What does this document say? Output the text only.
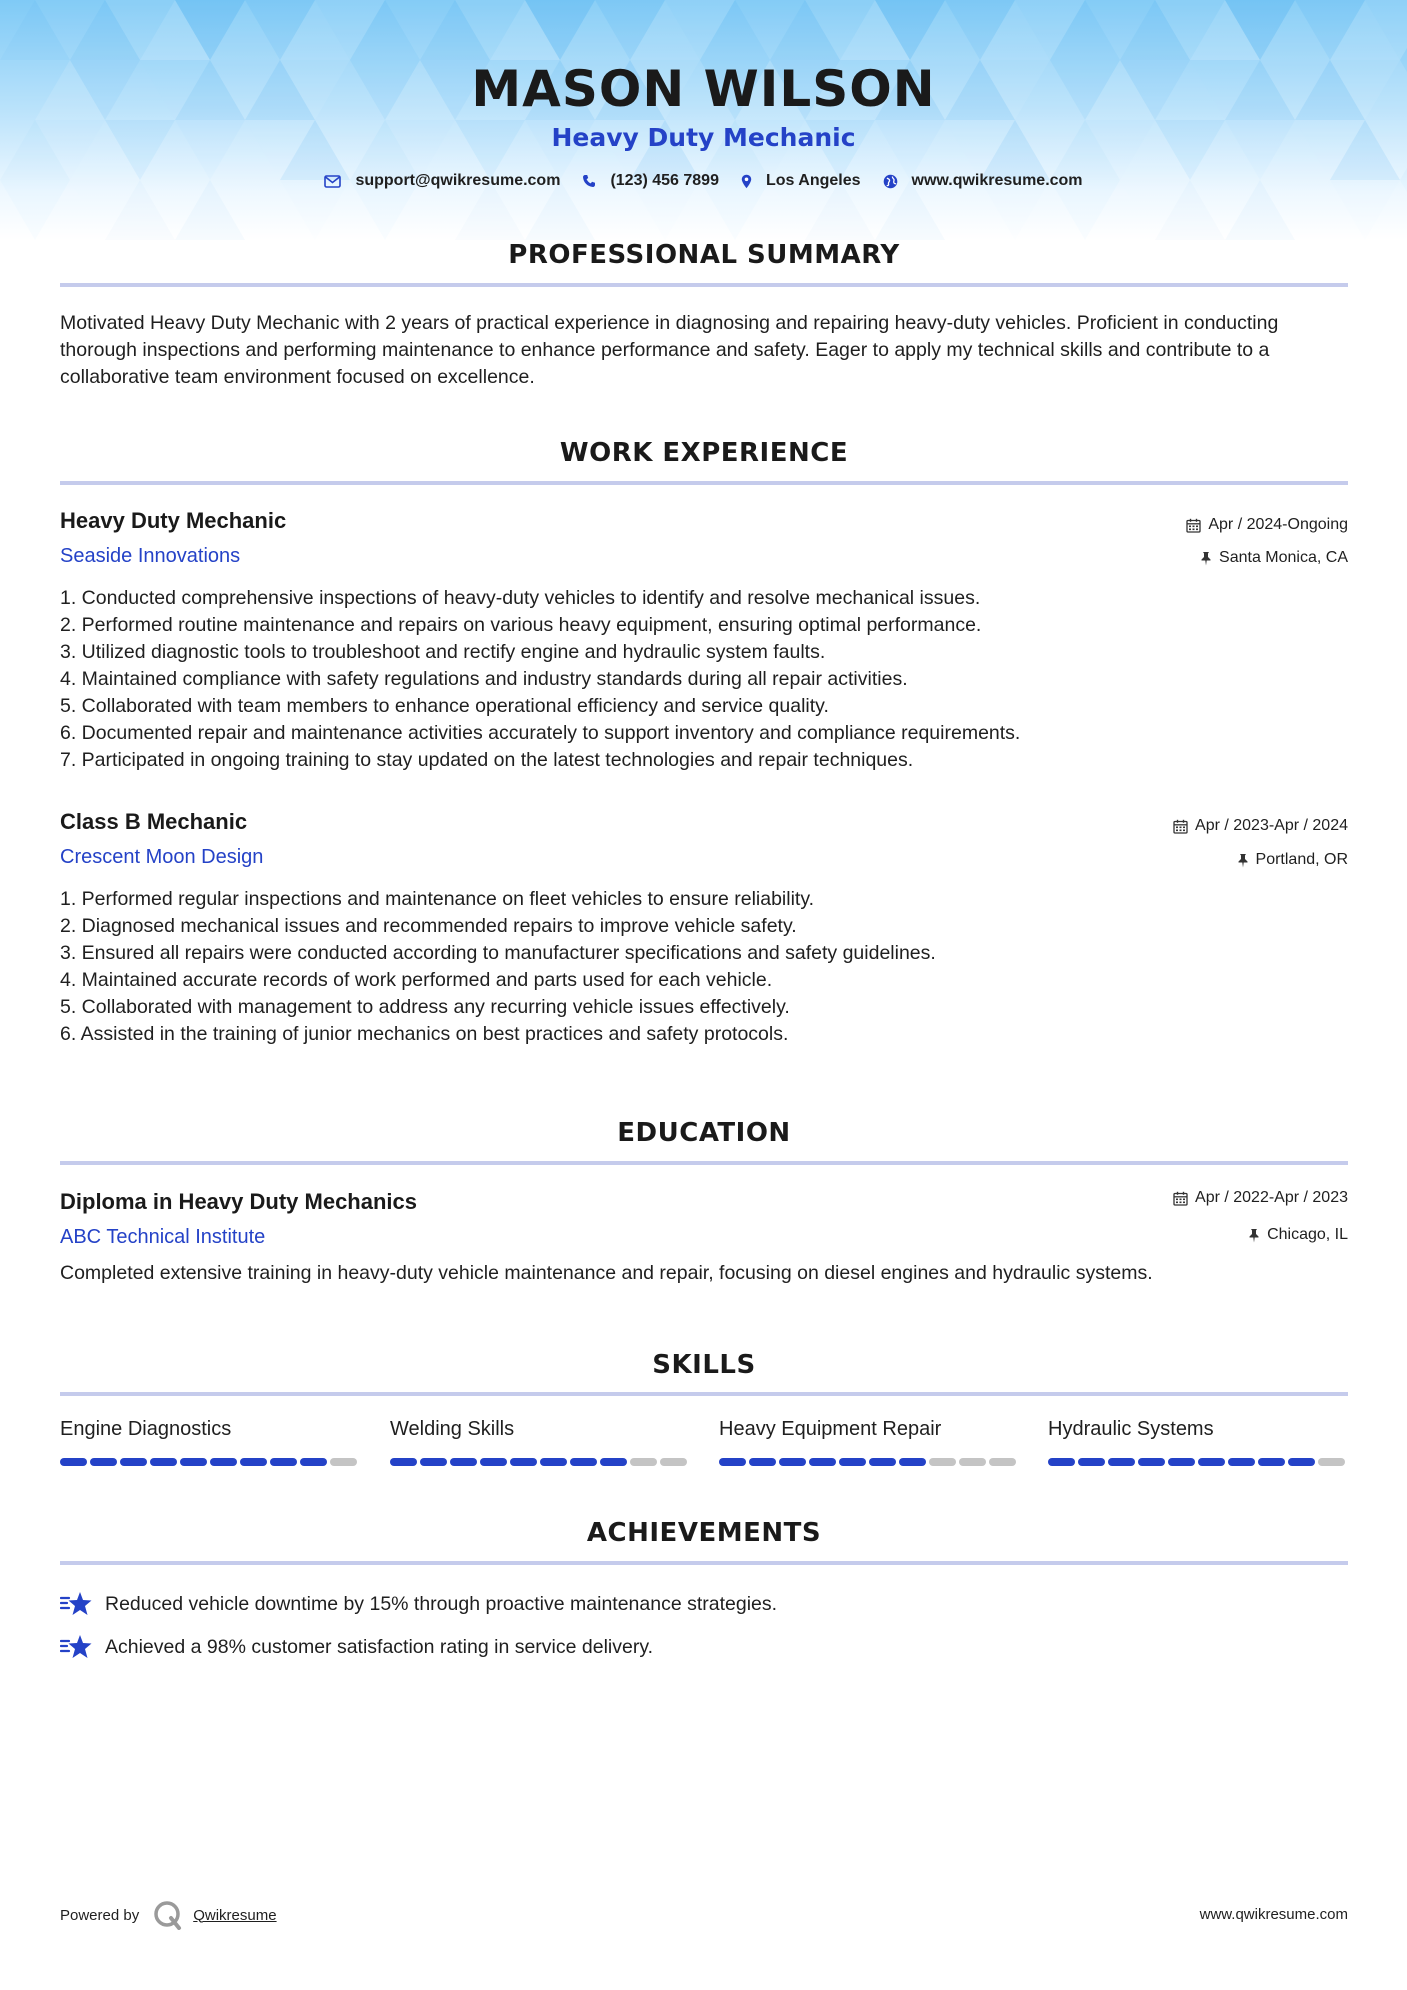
MASON WILSON
Heavy Duty Mechanic
support@qwikresume.com	(123) 456 7899	Los Angeles	www.qwikresume.com
PROFESSIONAL SUMMARY
Motivated Heavy Duty Mechanic with 2 years of practical experience in diagnosing and repairing heavy-duty vehicles. Proficient in conducting thorough inspections and performing maintenance to enhance performance and safety. Eager to apply my technical skills and contribute to a collaborative team environment focused on excellence.
WORK EXPERIENCE
Heavy Duty Mechanic
Seaside Innovations
Apr / 2024-Ongoing
Santa Monica, CA
1. Conducted comprehensive inspections of heavy-duty vehicles to identify and resolve mechanical issues.
2. Performed routine maintenance and repairs on various heavy equipment, ensuring optimal performance.
3. Utilized diagnostic tools to troubleshoot and rectify engine and hydraulic system faults.
4. Maintained compliance with safety regulations and industry standards during all repair activities.
5. Collaborated with team members to enhance operational efficiency and service quality.
6. Documented repair and maintenance activities accurately to support inventory and compliance requirements.
7. Participated in ongoing training to stay updated on the latest technologies and repair techniques.
Class B Mechanic
Crescent Moon Design
Apr / 2023-Apr / 2024
Portland, OR
1. Performed regular inspections and maintenance on fleet vehicles to ensure reliability.
2. Diagnosed mechanical issues and recommended repairs to improve vehicle safety.
3. Ensured all repairs were conducted according to manufacturer specifications and safety guidelines.
4. Maintained accurate records of work performed and parts used for each vehicle.
5. Collaborated with management to address any recurring vehicle issues effectively.
6. Assisted in the training of junior mechanics on best practices and safety protocols.
EDUCATION
Diploma in Heavy Duty Mechanics
ABC Technical Institute
Apr / 2022-Apr / 2023
Chicago, IL
Completed extensive training in heavy-duty vehicle maintenance and repair, focusing on diesel engines and hydraulic systems.
SKILLS
Engine Diagnostics	Welding Skills	Heavy Equipment Repair	Hydraulic Systems
ACHIEVEMENTS
Reduced vehicle downtime by 15% through proactive maintenance strategies.
Achieved a 98% customer satisfaction rating in service delivery.
Powered by	Qwikresume	www.qwikresume.com
